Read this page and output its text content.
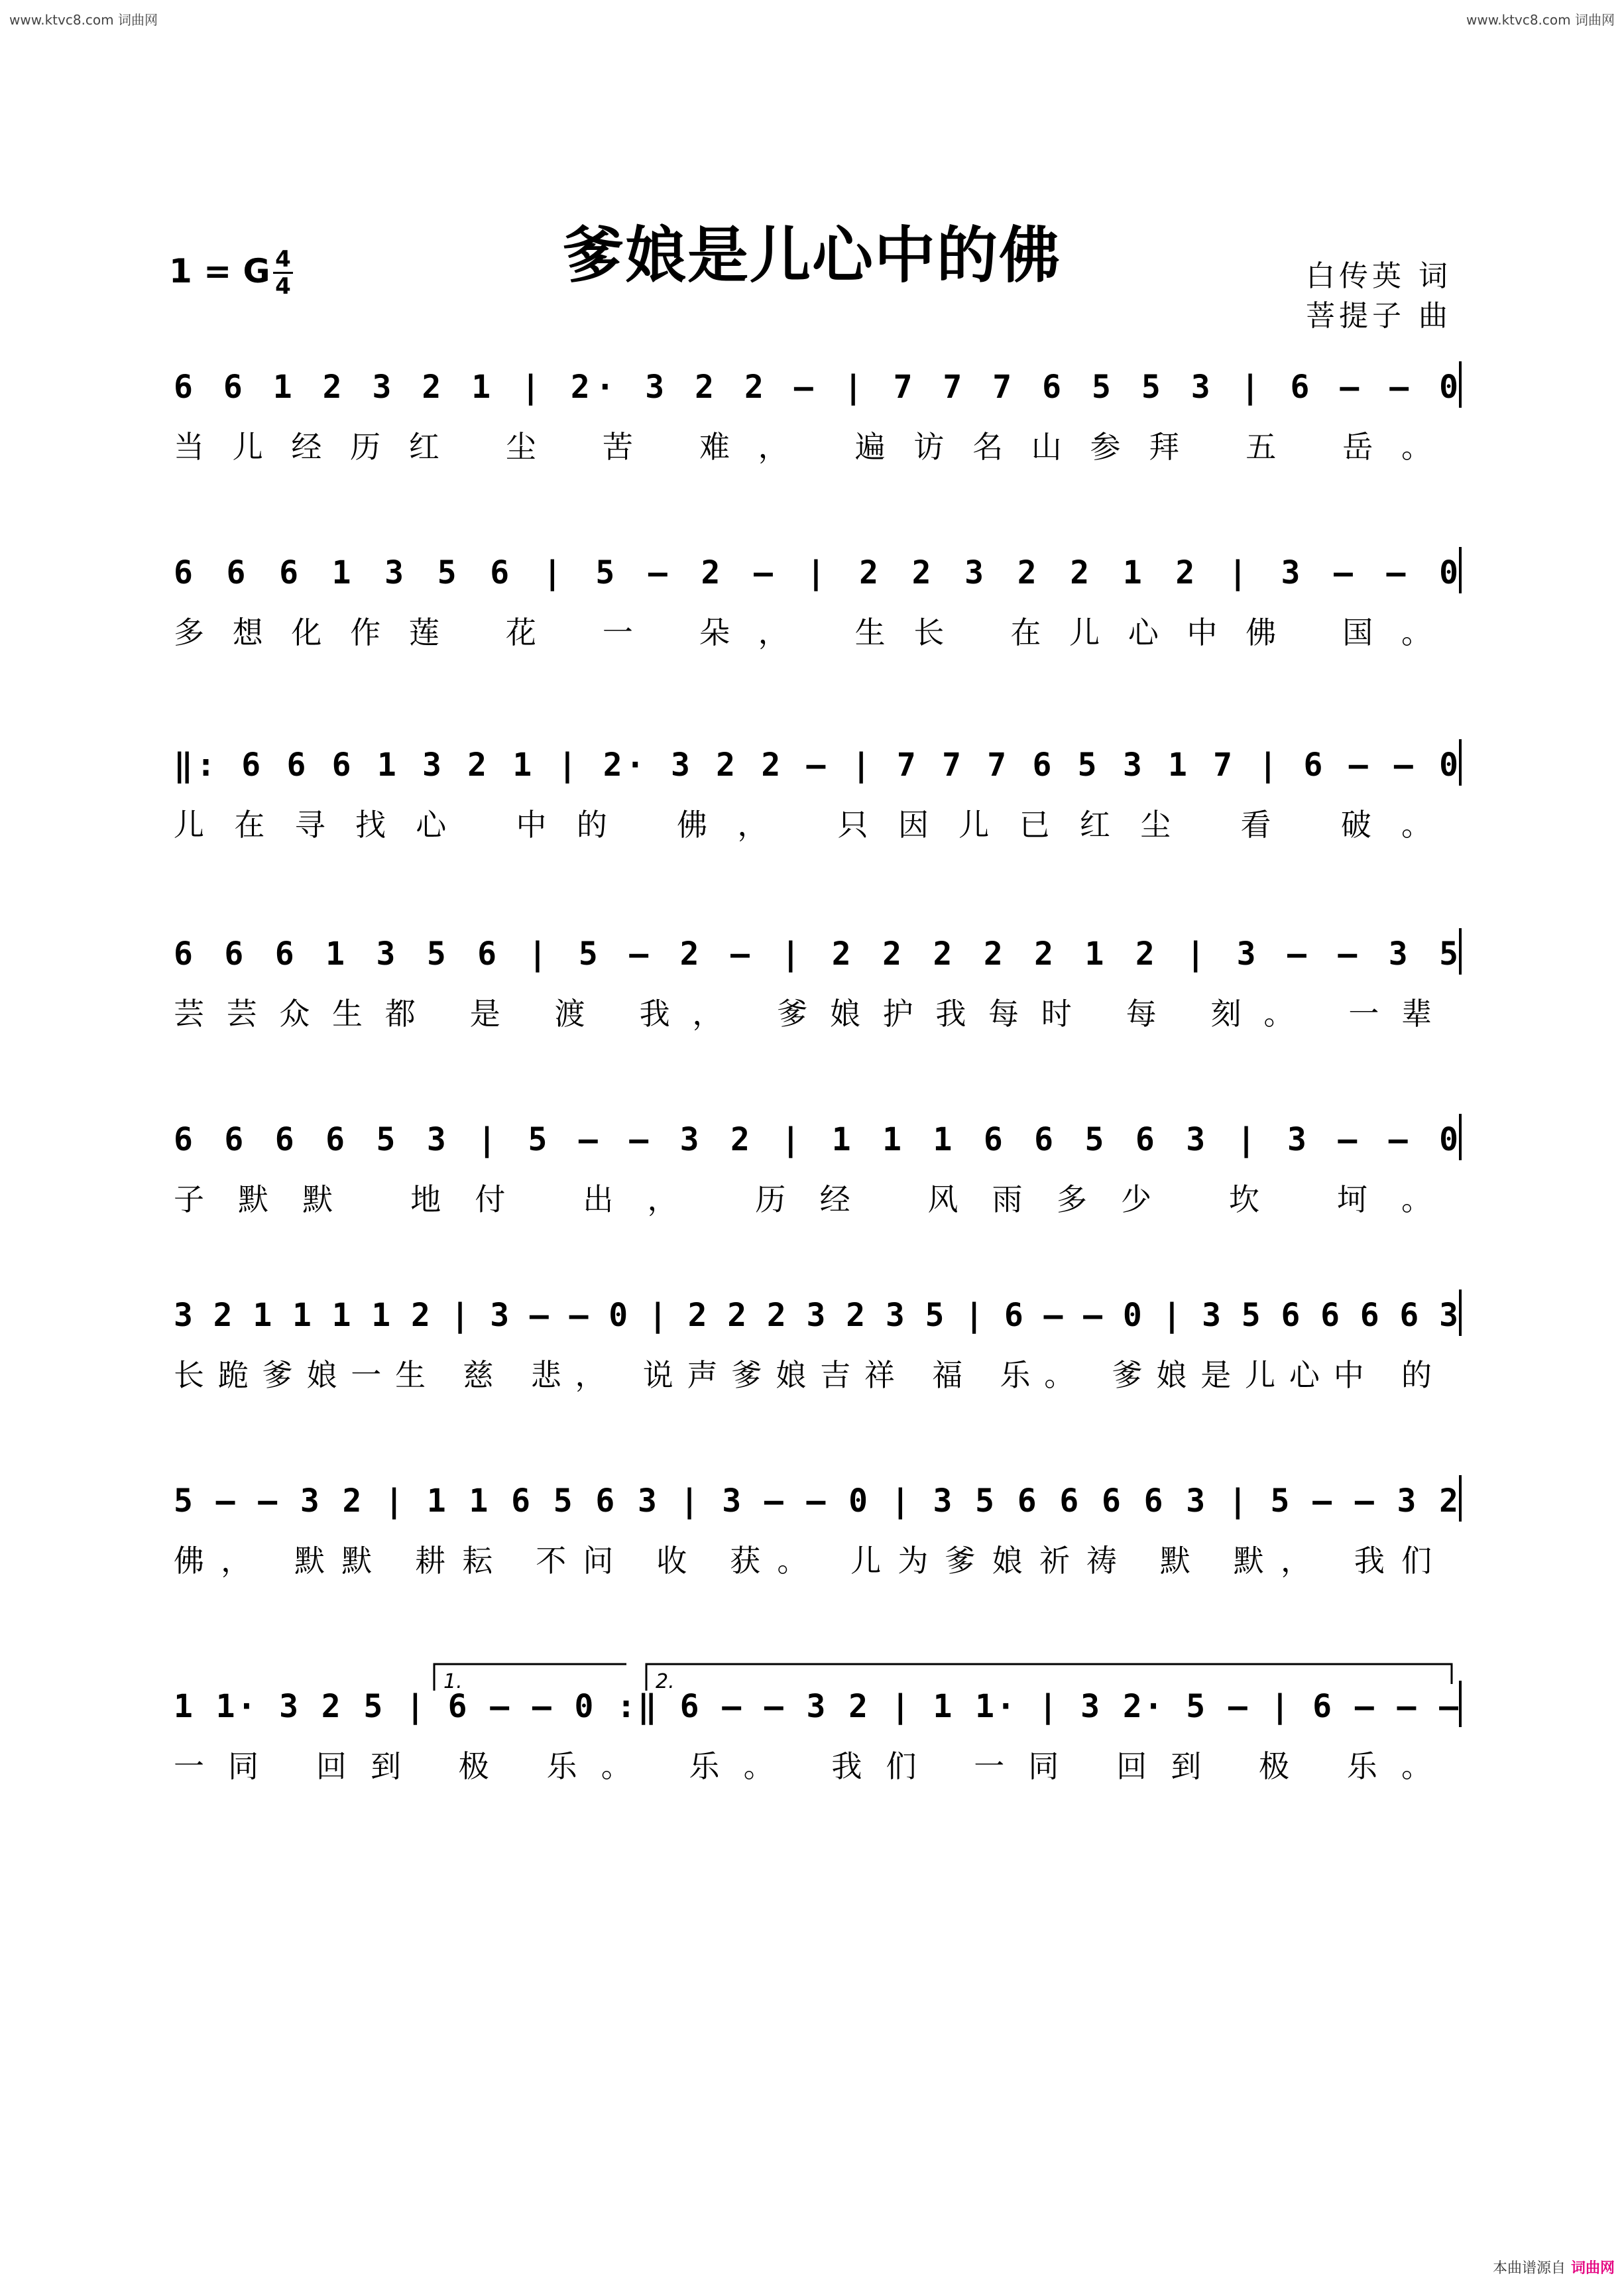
www.ktvc8.com 词曲网	www.ktvc8.com 词曲网
爹娘是儿心中的佛
1 = G 4
4	白传英 词
菩提子 曲
6 6 1 2 3 2 1 | 2· 3 2 2 – | 7 7 7 6 5 5 3 | 6 – – 0
当儿经历红 尘 苦 难， 遍访名山参拜 五 岳。
6 6 6 1 3 5 6 | 5 – 2 – | 2 2 3 2 2 1 2 | 3 – – 0
多想化作莲 花 一 朵， 生长 在儿心中佛 国。
‖: 6 6 6 1 3 2 1 | 2· 3 2 2 – | 7 7 7 6 5 3 1 7 | 6 – – 0
儿在寻找心 中的 佛， 只因儿已红尘 看 破。
6 6 6 1 3 5 6 | 5 – 2 – | 2 2 2 2 2 1 2 | 3 – – 3 5
芸芸众生都 是 渡 我， 爹娘护我每时 每 刻。 一辈
6 6 6 6 5 3 | 5 – – 3 2 | 1 1 1 6 6 5 6 3 | 3 – – 0
子默默 地付 出， 历经 风雨多少 坎 坷。
3 2 1 1 1 1 2 | 3 – – 0 | 2 2 2 3 2 3 5 | 6 – – 0 | 3 5 6 6 6 6 3
长跪爹娘一生 慈 悲， 说声爹娘吉祥 福 乐。 爹娘是儿心中 的
5 – – 3 2 | 1 1 6 5 6 3 | 3 – – 0 | 3 5 6 6 6 6 3 | 5 – – 3 2
佛， 默默 耕耘 不问 收 获。 儿为爹娘祈祷 默 默， 我们
1 1· 3 2 5 | 6 – – 0 :‖ 6 – – 3 2 | 1 1· | 3 2· 5 – | 6 – – –
一同 回到 极 乐。 乐。 我们 一同 回到 极 乐。
1.	2.
本曲谱源自 词曲网
